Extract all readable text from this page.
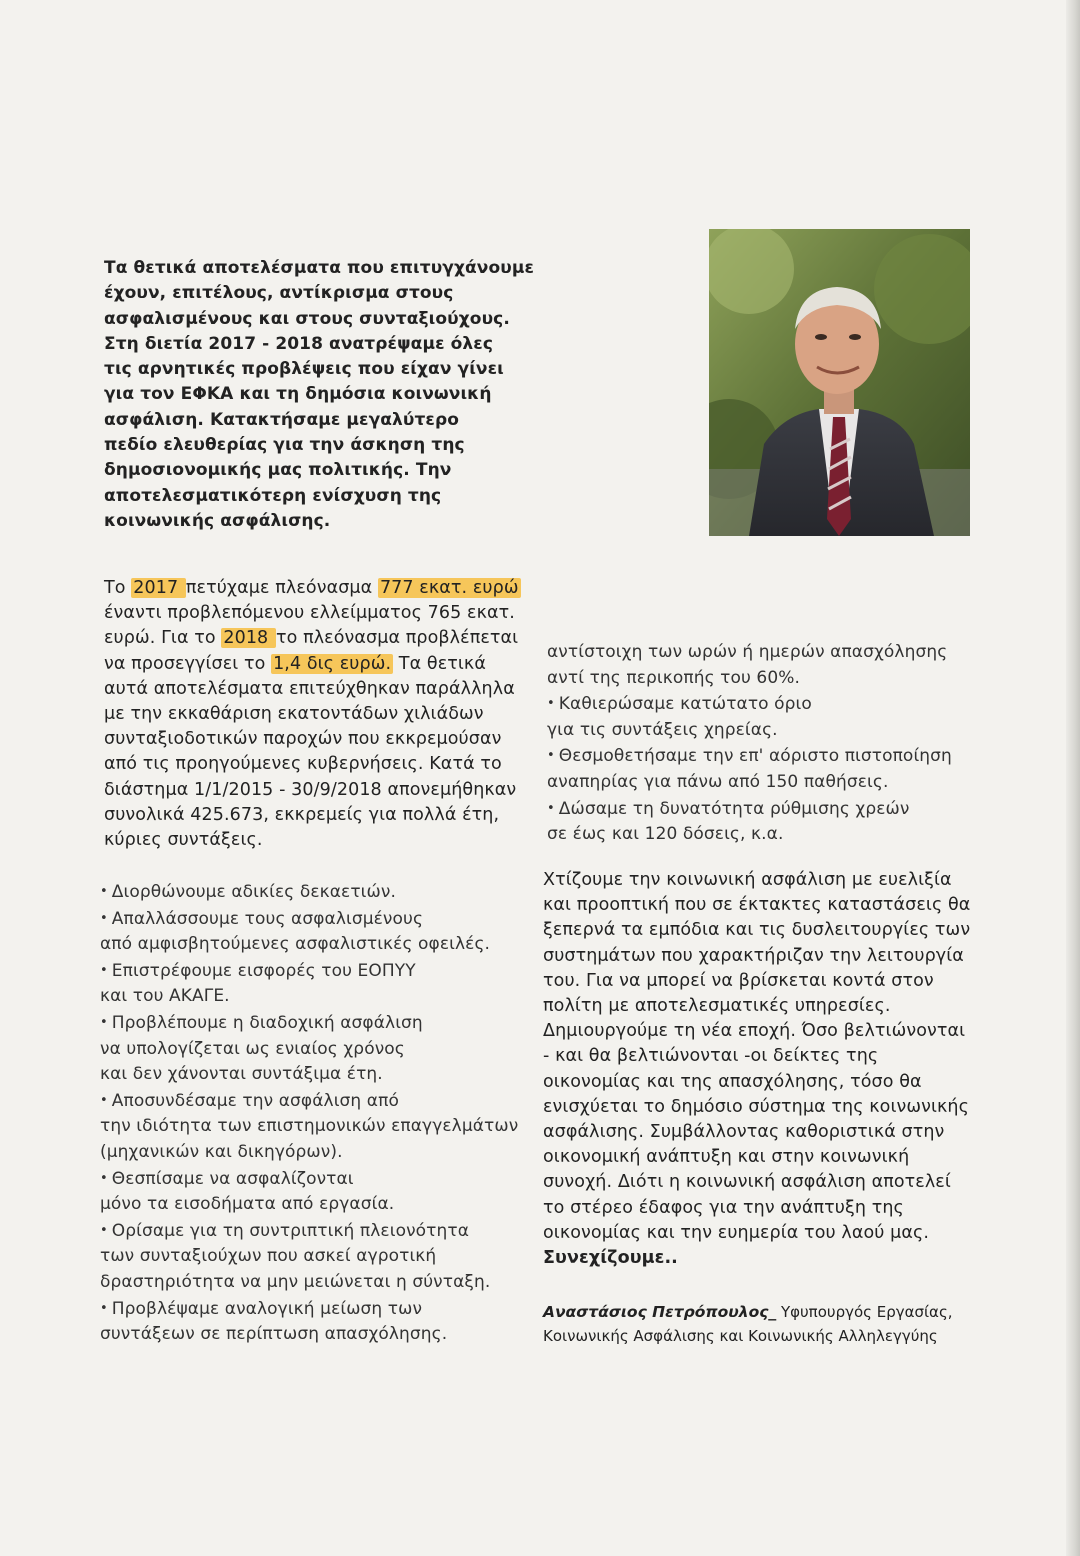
Τα θετικά αποτελέσματα που επιτυγχάνουμε
έχουν, επιτέλους, αντίκρισμα στους
ασφαλισμένους και στους συνταξιούχους.
Στη διετία 2017 - 2018 ανατρέψαμε όλες
τις αρνητικές προβλέψεις που είχαν γίνει
για τον ΕΦΚΑ και τη δημόσια κοινωνική
ασφάλιση. Κατακτήσαμε μεγαλύτερο
πεδίο ελευθερίας για την άσκηση της
δημοσιονομικής μας πολιτικής. Την
αποτελεσματικότερη ενίσχυση της
κοινωνικής ασφάλισης.

Το 2017 πετύχαμε πλεόνασμα 777 εκατ. ευρώ
έναντι προβλεπόμενου ελλείμματος 765 εκατ.
ευρώ. Για το 2018 το πλεόνασμα προβλέπεται
να προσεγγίσει το 1,4 δις ευρώ. Τα θετικά
αυτά αποτελέσματα επιτεύχθηκαν παράλληλα
με την εκκαθάριση εκατοντάδων χιλιάδων
συνταξιοδοτικών παροχών που εκκρεμούσαν
από τις προηγούμενες κυβερνήσεις. Κατά το
διάστημα 1/1/2015 - 30/9/2018 απονεμήθηκαν
συνολικά 425.673, εκκρεμείς για πολλά έτη,
κύριες συντάξεις.
• Διορθώνουμε αδικίες δεκαετιών.
• Απαλλάσσουμε τους ασφαλισμένους
από αμφισβητούμενες ασφαλιστικές οφειλές.
• Επιστρέφουμε εισφορές του ΕΟΠΥΥ
και του ΑΚΑΓΕ.
• Προβλέπουμε η διαδοχική ασφάλιση
να υπολογίζεται ως ενιαίος χρόνος
και δεν χάνονται συντάξιμα έτη.
• Αποσυνδέσαμε την ασφάλιση από
την ιδιότητα των επιστημονικών επαγγελμάτων
(μηχανικών και δικηγόρων).
• Θεσπίσαμε να ασφαλίζονται
μόνο τα εισοδήματα από εργασία.
• Ορίσαμε για τη συντριπτική πλειονότητα
των συνταξιούχων που ασκεί αγροτική
δραστηριότητα να μην μειώνεται η σύνταξη.
• Προβλέψαμε αναλογική μείωση των
συντάξεων σε περίπτωση απασχόλησης.
αντίστοιχη των ωρών ή ημερών απασχόλησης
αντί της περικοπής του 60%.
• Καθιερώσαμε κατώτατο όριο
για τις συντάξεις χηρείας.
• Θεσμοθετήσαμε την επ' αόριστο πιστοποίηση
αναπηρίας για πάνω από 150 παθήσεις.
• Δώσαμε τη δυνατότητα ρύθμισης χρεών
σε έως και 120 δόσεις, κ.α.
Χτίζουμε την κοινωνική ασφάλιση με ευελιξία
και προοπτική που σε έκτακτες καταστάσεις θα
ξεπερνά τα εμπόδια και τις δυσλειτουργίες των
συστημάτων που χαρακτήριζαν την λειτουργία
του. Για να μπορεί να βρίσκεται κοντά στον
πολίτη με αποτελεσματικές υπηρεσίες.
Δημιουργούμε τη νέα εποχή. Όσο βελτιώνονται
- και θα βελτιώνονται -οι δείκτες της
οικονομίας και της απασχόλησης, τόσο θα
ενισχύεται το δημόσιο σύστημα της κοινωνικής
ασφάλισης. Συμβάλλοντας καθοριστικά στην
οικονομική ανάπτυξη και στην κοινωνική
συνοχή. Διότι η κοινωνική ασφάλιση αποτελεί
το στέρεο έδαφος για την ανάπτυξη της
οικονομίας και την ευημερία του λαού μας.
Συνεχίζουμε..
Αναστάσιος Πετρόπουλος_ Υφυπουργός Εργασίας,
Κοινωνικής Ασφάλισης και Κοινωνικής Αλληλεγγύης
